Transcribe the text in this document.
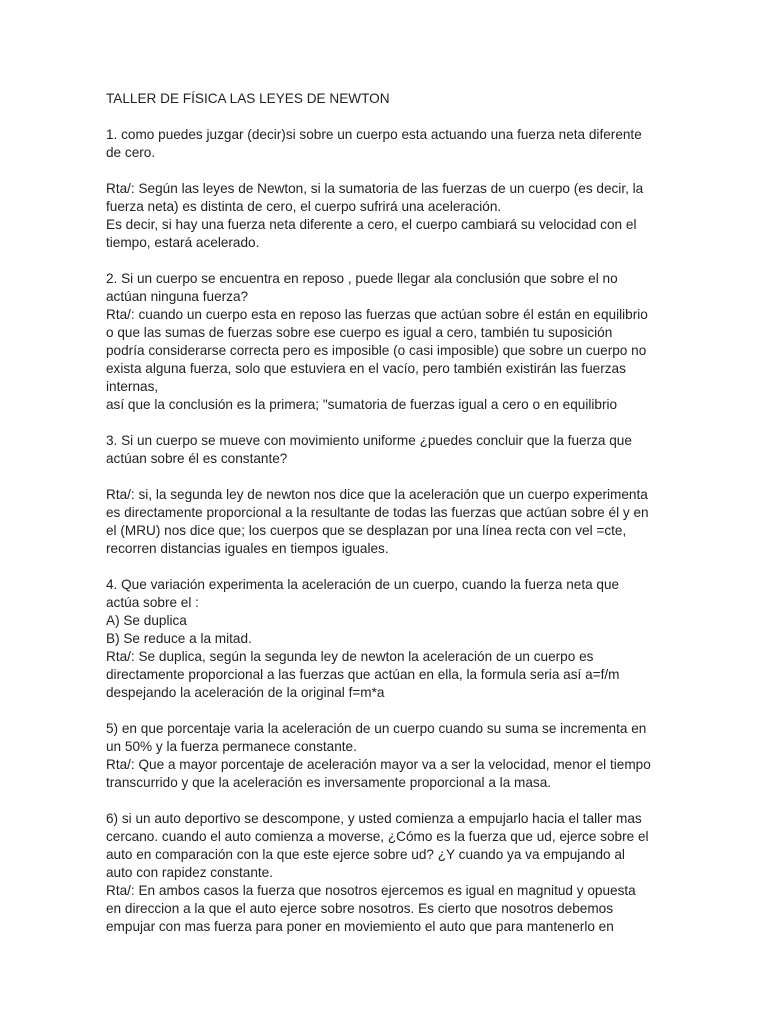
TALLER DE FÍSICA LAS LEYES DE NEWTON
1. como puedes juzgar (decir)si sobre un cuerpo esta actuando una fuerza neta diferente
de cero.
Rta/: Según las leyes de Newton, si la sumatoria de las fuerzas de un cuerpo (es decir, la
fuerza neta) es distinta de cero, el cuerpo sufrirá una aceleración.
Es decir, si hay una fuerza neta diferente a cero, el cuerpo cambiará su velocidad con el
tiempo, estará acelerado.
2. Si un cuerpo se encuentra en reposo , puede llegar ala conclusión que sobre el no
actúan ninguna fuerza?
Rta/: cuando un cuerpo esta en reposo las fuerzas que actúan sobre él están en equilibrio
o que las sumas de fuerzas sobre ese cuerpo es igual a cero, también tu suposición
podría considerarse correcta pero es imposible (o casi imposible) que sobre un cuerpo no
exista alguna fuerza, solo que estuviera en el vacío, pero también existirán las fuerzas
internas,
así que la conclusión es la primera; "sumatoria de fuerzas igual a cero o en equilibrio
3. Si un cuerpo se mueve con movimiento uniforme ¿puedes concluir que la fuerza que
actúan sobre él es constante?
Rta/: si, la segunda ley de newton nos dice que la aceleración que un cuerpo experimenta
es directamente proporcional a la resultante de todas las fuerzas que actúan sobre él y en
el (MRU) nos dice que; los cuerpos que se desplazan por una línea recta con vel =cte,
recorren distancias iguales en tiempos iguales.
4. Que variación experimenta la aceleración de un cuerpo, cuando la fuerza neta que
actúa sobre el :
A) Se duplica
B) Se reduce a la mitad.
Rta/: Se duplica, según la segunda ley de newton la aceleración de un cuerpo es
directamente proporcional a las fuerzas que actúan en ella, la formula seria así a=f/m
despejando la aceleración de la original f=m*a
5) en que porcentaje varia la aceleración de un cuerpo cuando su suma se incrementa en
un 50% y la fuerza permanece constante.
Rta/: Que a mayor porcentaje de aceleración mayor va a ser la velocidad, menor el tiempo
transcurrido y que la aceleración es inversamente proporcional a la masa.
6) si un auto deportivo se descompone, y usted comienza a empujarlo hacia el taller mas
cercano. cuando el auto comienza a moverse, ¿Cómo es la fuerza que ud, ejerce sobre el
auto en comparación con la que este ejerce sobre ud? ¿Y cuando ya va empujando al
auto con rapidez constante.
Rta/: En ambos casos la fuerza que nosotros ejercemos es igual en magnitud y opuesta
en direccion a la que el auto ejerce sobre nosotros. Es cierto que nosotros debemos
empujar con mas fuerza para poner en moviemiento el auto que para mantenerlo en
